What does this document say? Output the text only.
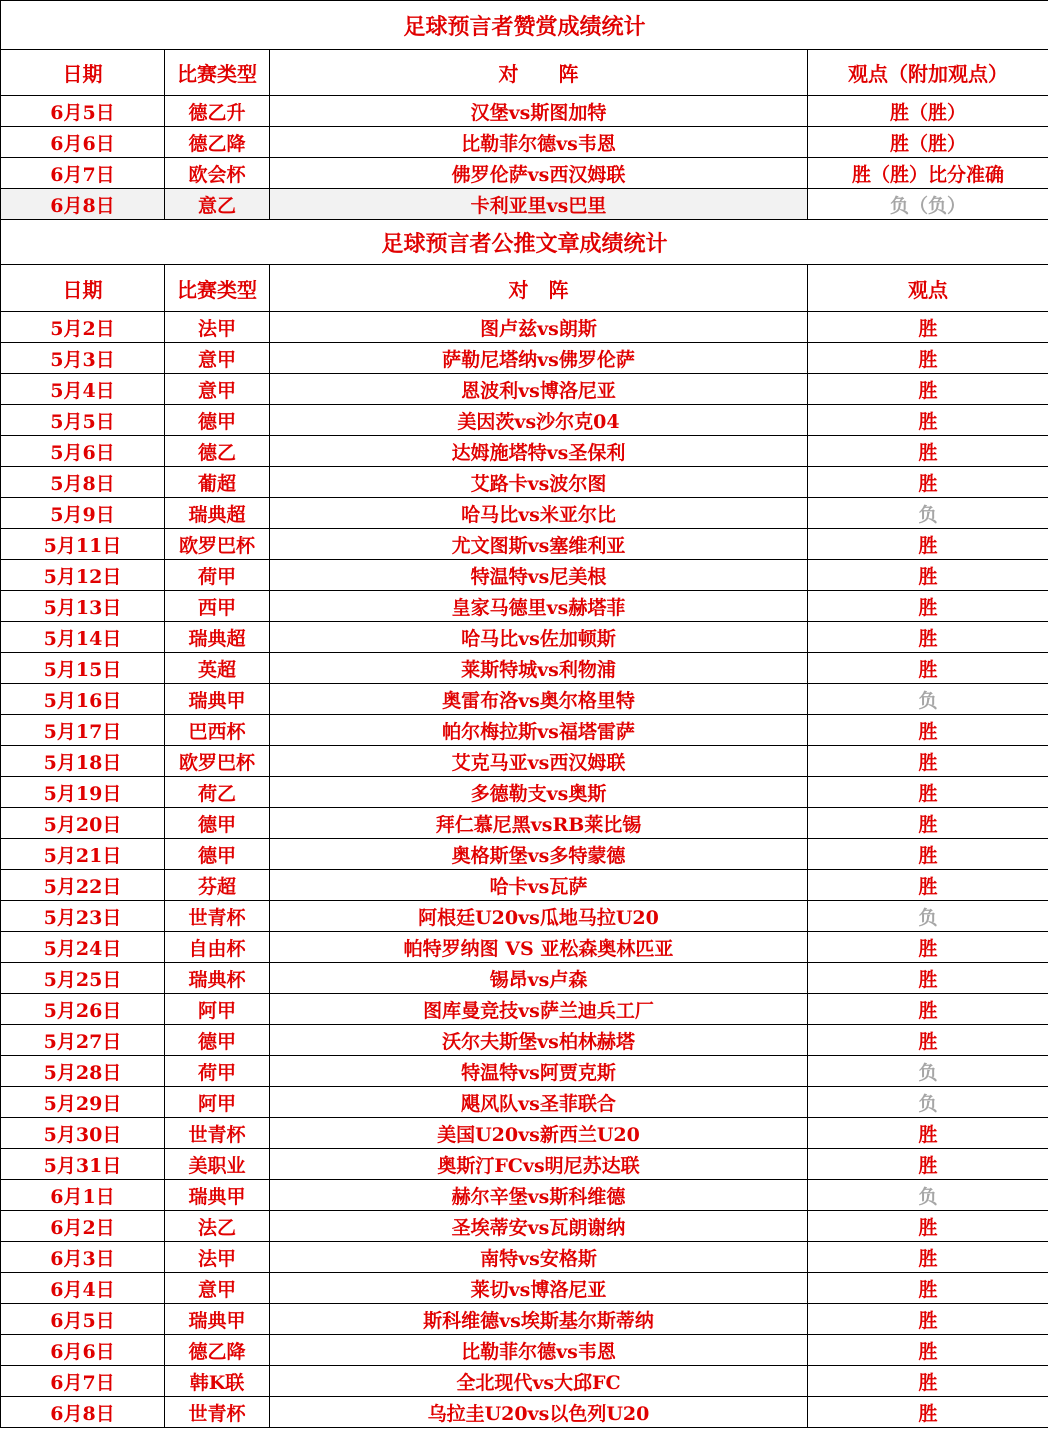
足球预言者赞赏成绩统计			
日期	比赛类型	对　　阵	观点（附加观点）
6月5日	德乙升	汉堡vs斯图加特	胜（胜）
6月6日	德乙降	比勒菲尔德vs韦恩	胜（胜）
6月7日	欧会杯	佛罗伦萨vs西汉姆联	胜（胜）比分准确
6月8日	意乙	卡利亚里vs巴里	负（负）
足球预言者公推文章成绩统计			
日期	比赛类型	对　阵	观点
5月2日	法甲	图卢兹vs朗斯	胜
5月3日	意甲	萨勒尼塔纳vs佛罗伦萨	胜
5月4日	意甲	恩波利vs博洛尼亚	胜
5月5日	德甲	美因茨vs沙尔克04	胜
5月6日	德乙	达姆施塔特vs圣保利	胜
5月8日	葡超	艾路卡vs波尔图	胜
5月9日	瑞典超	哈马比vs米亚尔比	负
5月11日	欧罗巴杯	尤文图斯vs塞维利亚	胜
5月12日	荷甲	特温特vs尼美根	胜
5月13日	西甲	皇家马德里vs赫塔菲	胜
5月14日	瑞典超	哈马比vs佐加顿斯	胜
5月15日	英超	莱斯特城vs利物浦	胜
5月16日	瑞典甲	奥雷布洛vs奥尔格里特	负
5月17日	巴西杯	帕尔梅拉斯vs福塔雷萨	胜
5月18日	欧罗巴杯	艾克马亚vs西汉姆联	胜
5月19日	荷乙	多德勒支vs奥斯	胜
5月20日	德甲	拜仁慕尼黑vsRB莱比锡	胜
5月21日	德甲	奥格斯堡vs多特蒙德	胜
5月22日	芬超	哈卡vs瓦萨	胜
5月23日	世青杯	阿根廷U20vs瓜地马拉U20	负
5月24日	自由杯	帕特罗纳图 VS 亚松森奥林匹亚	胜
5月25日	瑞典杯	锡昂vs卢森	胜
5月26日	阿甲	图库曼竞技vs萨兰迪兵工厂	胜
5月27日	德甲	沃尔夫斯堡vs柏林赫塔	胜
5月28日	荷甲	特温特vs阿贾克斯	负
5月29日	阿甲	飓风队vs圣菲联合	负
5月30日	世青杯	美国U20vs新西兰U20	胜
5月31日	美职业	奥斯汀FCvs明尼苏达联	胜
6月1日	瑞典甲	赫尔辛堡vs斯科维德	负
6月2日	法乙	圣埃蒂安vs瓦朗谢纳	胜
6月3日	法甲	南特vs安格斯	胜
6月4日	意甲	莱切vs博洛尼亚	胜
6月5日	瑞典甲	斯科维德vs埃斯基尔斯蒂纳	胜
6月6日	德乙降	比勒菲尔德vs韦恩	胜
6月7日	韩K联	全北现代vs大邱FC	胜
6月8日	世青杯	乌拉圭U20vs以色列U20	胜
